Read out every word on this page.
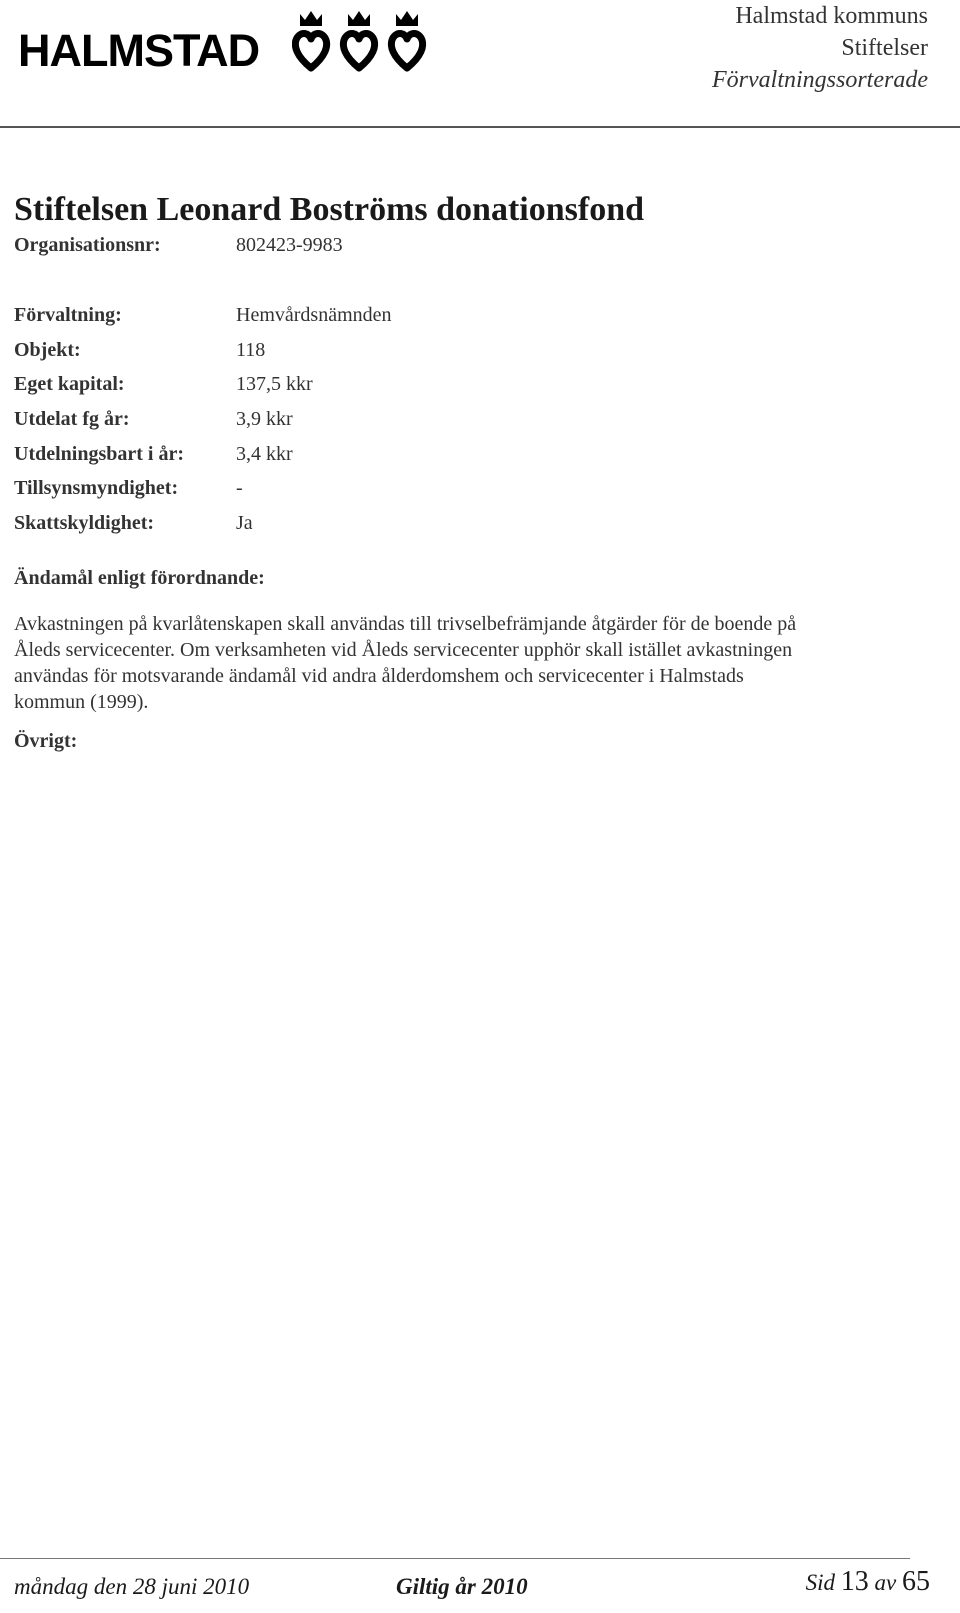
HALMSTAD
Halmstad kommuns
Stiftelser
Förvaltningssorterade
Stiftelsen Leonard Boströms donationsfond
Organisationsnr:	802423-9983
Förvaltning:	Hemvårdsnämnden
Objekt:	118
Eget kapital:	137,5 kkr
Utdelat fg år:	3,9 kkr
Utdelningsbart i år:	3,4 kkr
Tillsynsmyndighet:	-
Skattskyldighet:	Ja
Ändamål enligt förordnande:
Avkastningen på kvarlåtenskapen skall användas till trivselbefrämjande åtgärder för de boende på Åleds servicecenter. Om verksamheten vid Åleds servicecenter upphör skall istället avkastningen användas för motsvarande ändamål vid andra ålderdomshem och servicecenter i Halmstads kommun (1999).
Övrigt:
måndag den 28 juni 2010	Giltig år 2010	Sid 13 av 65
